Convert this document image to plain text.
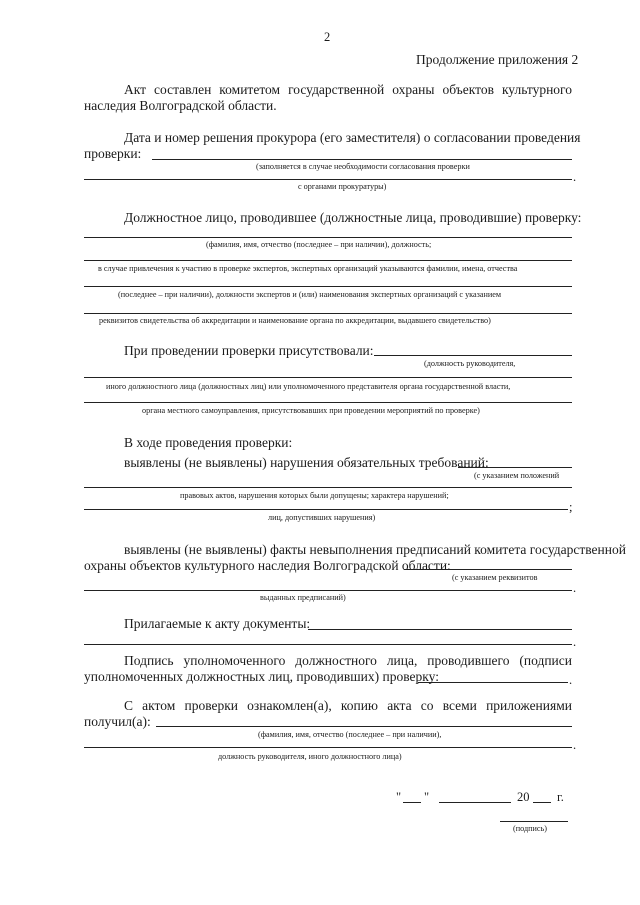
2
Продолжение приложения 2
Акт составлен комитетом государственной охраны объектов культурного
наследия Волгоградской области.
Дата и номер решения прокурора (его заместителя) о согласовании проведения
проверки:
(заполняется в случае необходимости согласования проверки
.
с органами прокуратуры)
Должностное лицо, проводившее (должностные лица, проводившие) проверку:
(фамилия, имя, отчество (последнее – при наличии), должность;
в случае привлечения к участию в проверке экспертов, экспертных организаций указываются фамилии, имена, отчества
(последнее – при наличии), должности экспертов и (или) наименования экспертных организаций с указанием
реквизитов свидетельства об аккредитации и наименование органа по аккредитации, выдавшего свидетельство)
При проведении проверки присутствовали:
(должность руководителя,
иного должностного лица (должностных лиц) или уполномоченного представителя органа государственной власти,
органа местного самоуправления, присутствовавших при проведении мероприятий по проверке)
В ходе проведения проверки:
выявлены (не выявлены) нарушения обязательных требований:
(с указанием положений
правовых актов, нарушения которых были допущены; характера нарушений;
;
лиц, допустивших нарушения)
выявлены (не выявлены) факты невыполнения предписаний комитета государственной
охраны объектов культурного наследия Волгоградской области:
(с указанием реквизитов
.
выданных предписаний)
Прилагаемые к акту документы:
.
Подпись уполномоченного должностного лица, проводившего (подписи
уполномоченных должностных лиц, проводивших) проверку:	.
С актом проверки ознакомлен(а), копию акта со всеми приложениями
получил(а):
(фамилия, имя, отчество (последнее – при наличии),
.
должность руководителя, иного должностного лица)
" "	20 г.
(подпись)
